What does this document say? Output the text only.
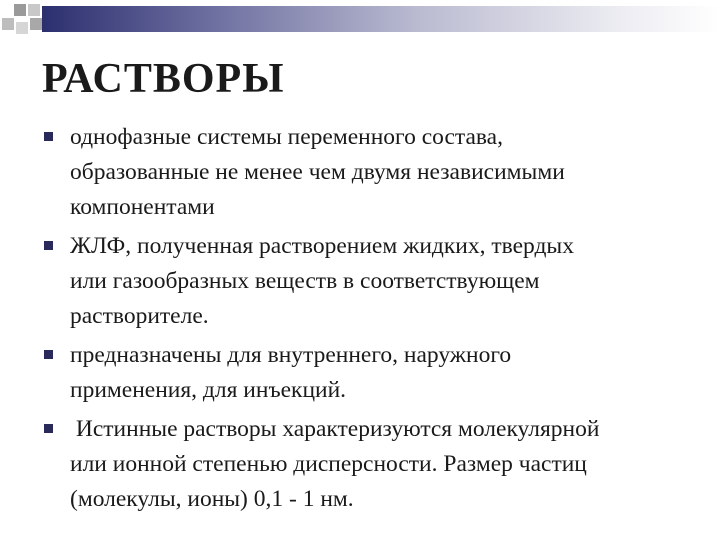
РАСТВОРЫ
однофазные системы переменного состава,
образованные не менее чем двумя независимыми
компонентами
ЖЛФ, полученная растворением жидких, твердых
или газообразных веществ в соответствующем
растворителе.
предназначены для внутреннего, наружного
применения, для инъекций.
Истинные растворы характеризуются молекулярной
или ионной степенью дисперсности. Размер частиц
(молекулы, ионы) 0,1 - 1 нм.
